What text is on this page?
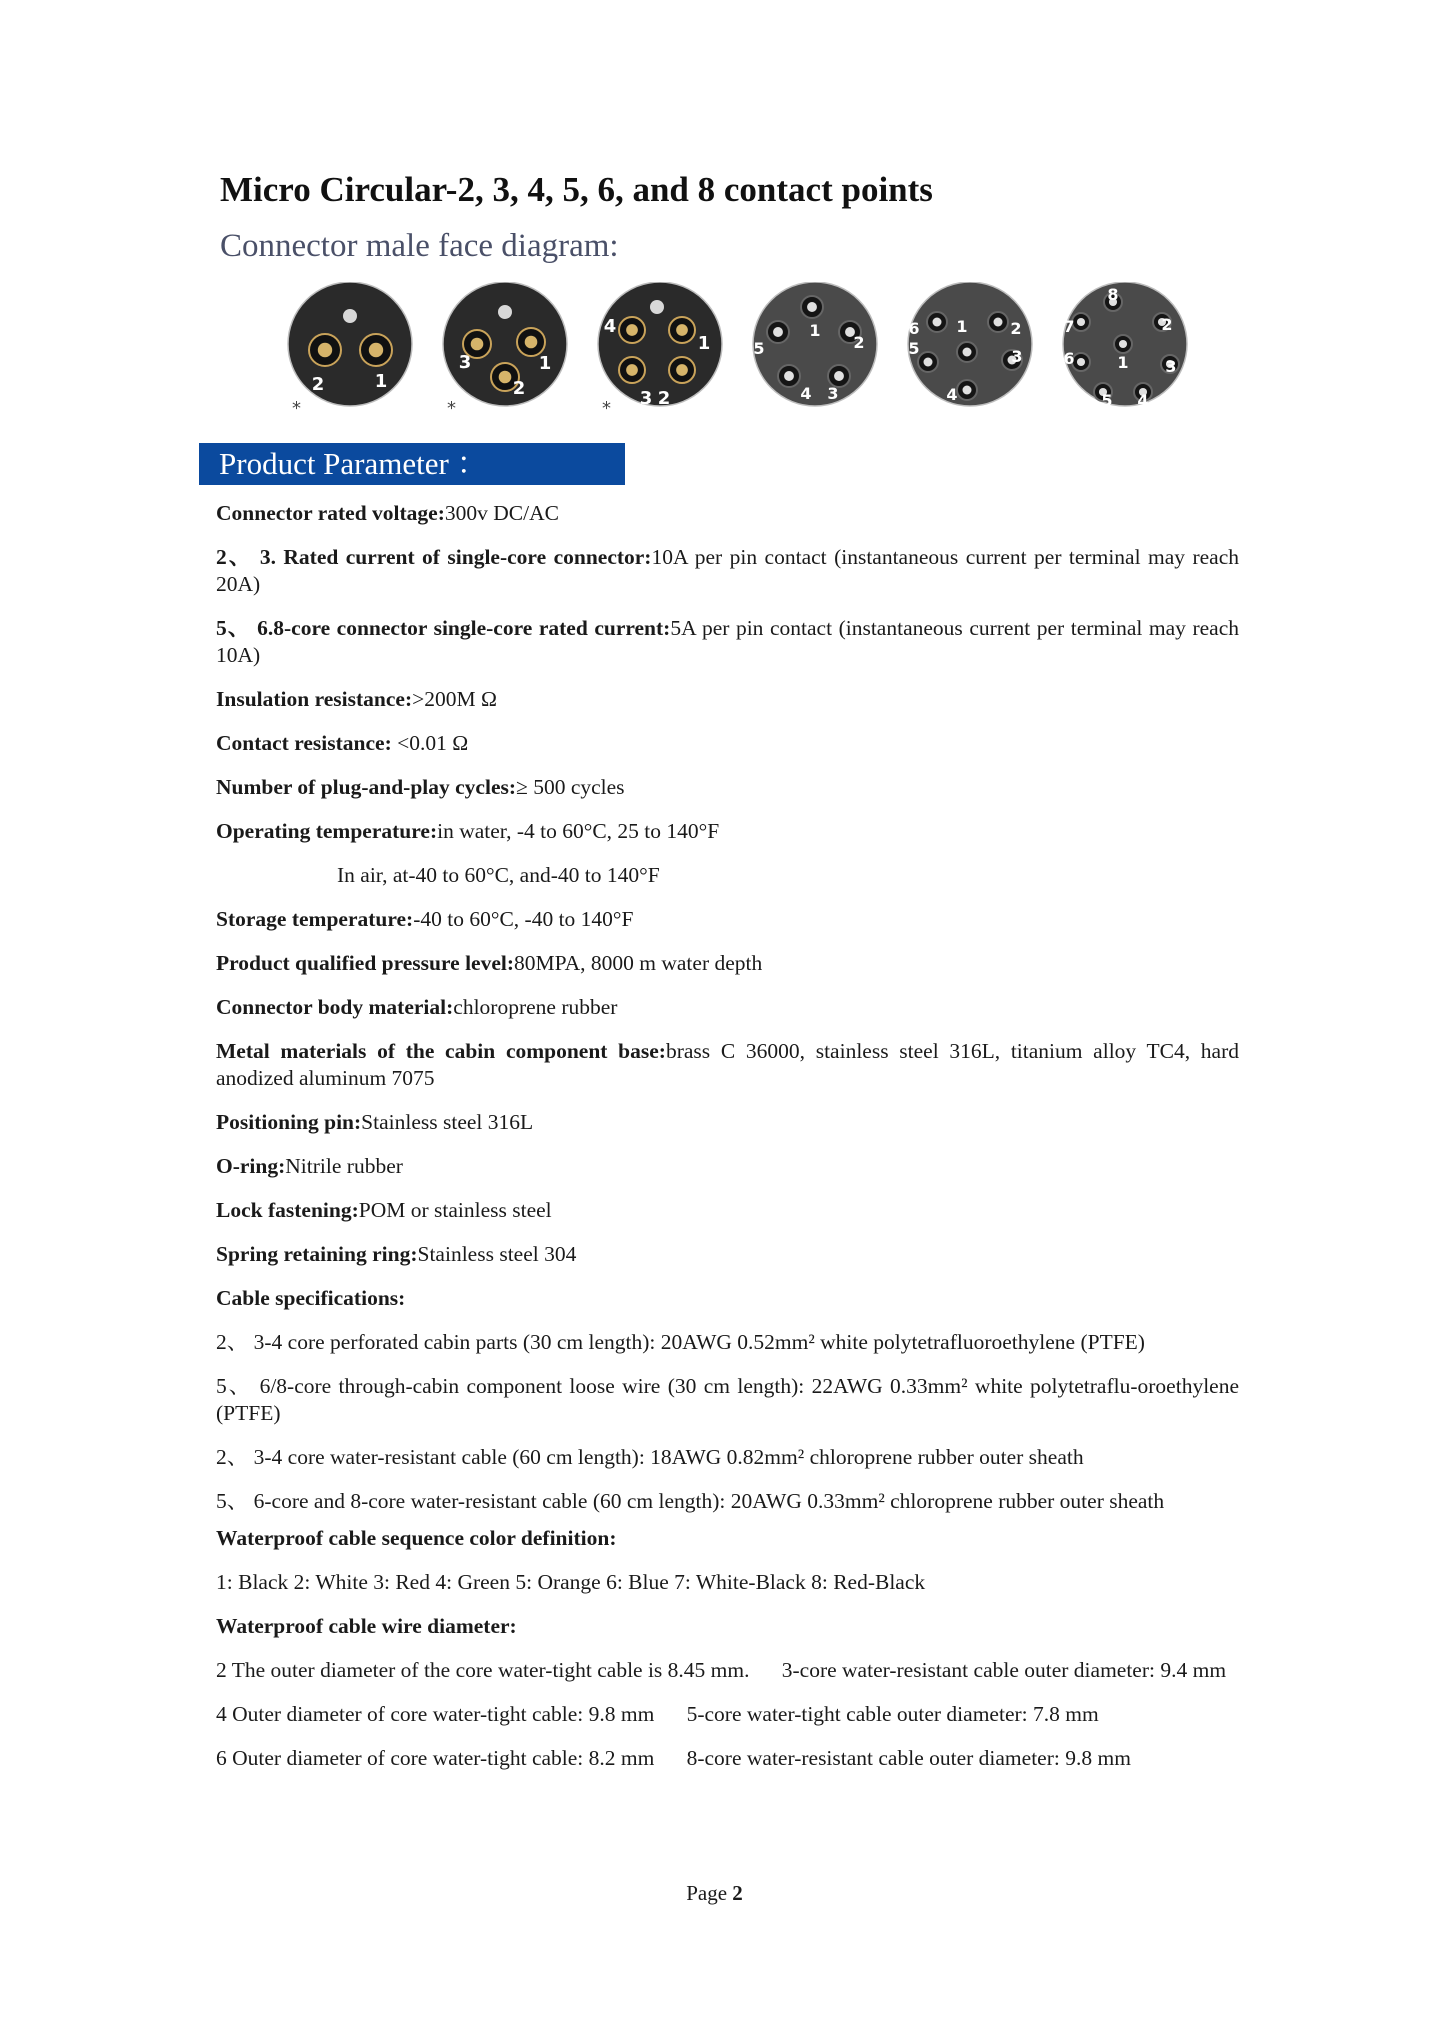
Micro Circular-2, 3, 4, 5, 6, and 8 contact points
Connector male face diagram:
2	1
*
3	1
2
*
4
1
3 2
*
1
2
3
4
5
1	2
3
4
5
6
8
2
3
4
5
6
7
1
Product Parameter ：

Connector rated voltage:300v DC/AC

2、 3. Rated current of single-core connector:10A per pin contact (instantaneous current per terminal may reach 20A)

5、 6.8-core connector single-core rated current:5A per pin contact (instantaneous current per terminal may reach 10A)

Insulation resistance:>200M Ω

Contact resistance: <0.01 Ω

Number of plug-and-play cycles:≥ 500 cycles

Operating temperature:in water, -4 to 60°C, 25 to 140°F

In air, at-40 to 60°C, and-40 to 140°F

Storage temperature:-40 to 60°C, -40 to 140°F

Product qualified pressure level:80MPA, 8000 m water depth

Connector body material:chloroprene rubber

Metal materials of the cabin component base:brass C 36000, stainless steel 316L, titanium alloy TC4, hard anodized aluminum 7075

Positioning pin:Stainless steel 316L

O-ring:Nitrile rubber

Lock fastening:POM or stainless steel

Spring retaining ring:Stainless steel 304

Cable specifications:

2、 3-4 core perforated cabin parts (30 cm length): 20AWG 0.52mm² white polytetrafluoroethylene (PTFE)

5、 6/8-core through-cabin component loose wire (30 cm length): 22AWG 0.33mm² white polytetraflu-oroethylene (PTFE)

2、 3-4 core water-resistant cable (60 cm length): 18AWG 0.82mm² chloroprene rubber outer sheath

5、 6-core and 8-core water-resistant cable (60 cm length): 20AWG 0.33mm² chloroprene rubber outer sheath

Waterproof cable sequence color definition:

1: Black 2: White 3: Red 4: Green 5: Orange 6: Blue 7: White-Black 8: Red-Black

Waterproof cable wire diameter:

2 The outer diameter of the core water-tight cable is 8.45 mm.      3-core water-resistant cable outer diameter: 9.4 mm

4 Outer diameter of core water-tight cable: 9.8 mm      5-core water-tight cable outer diameter: 7.8 mm

6 Outer diameter of core water-tight cable: 8.2 mm      8-core water-resistant cable outer diameter: 9.8 mm

Page 2
